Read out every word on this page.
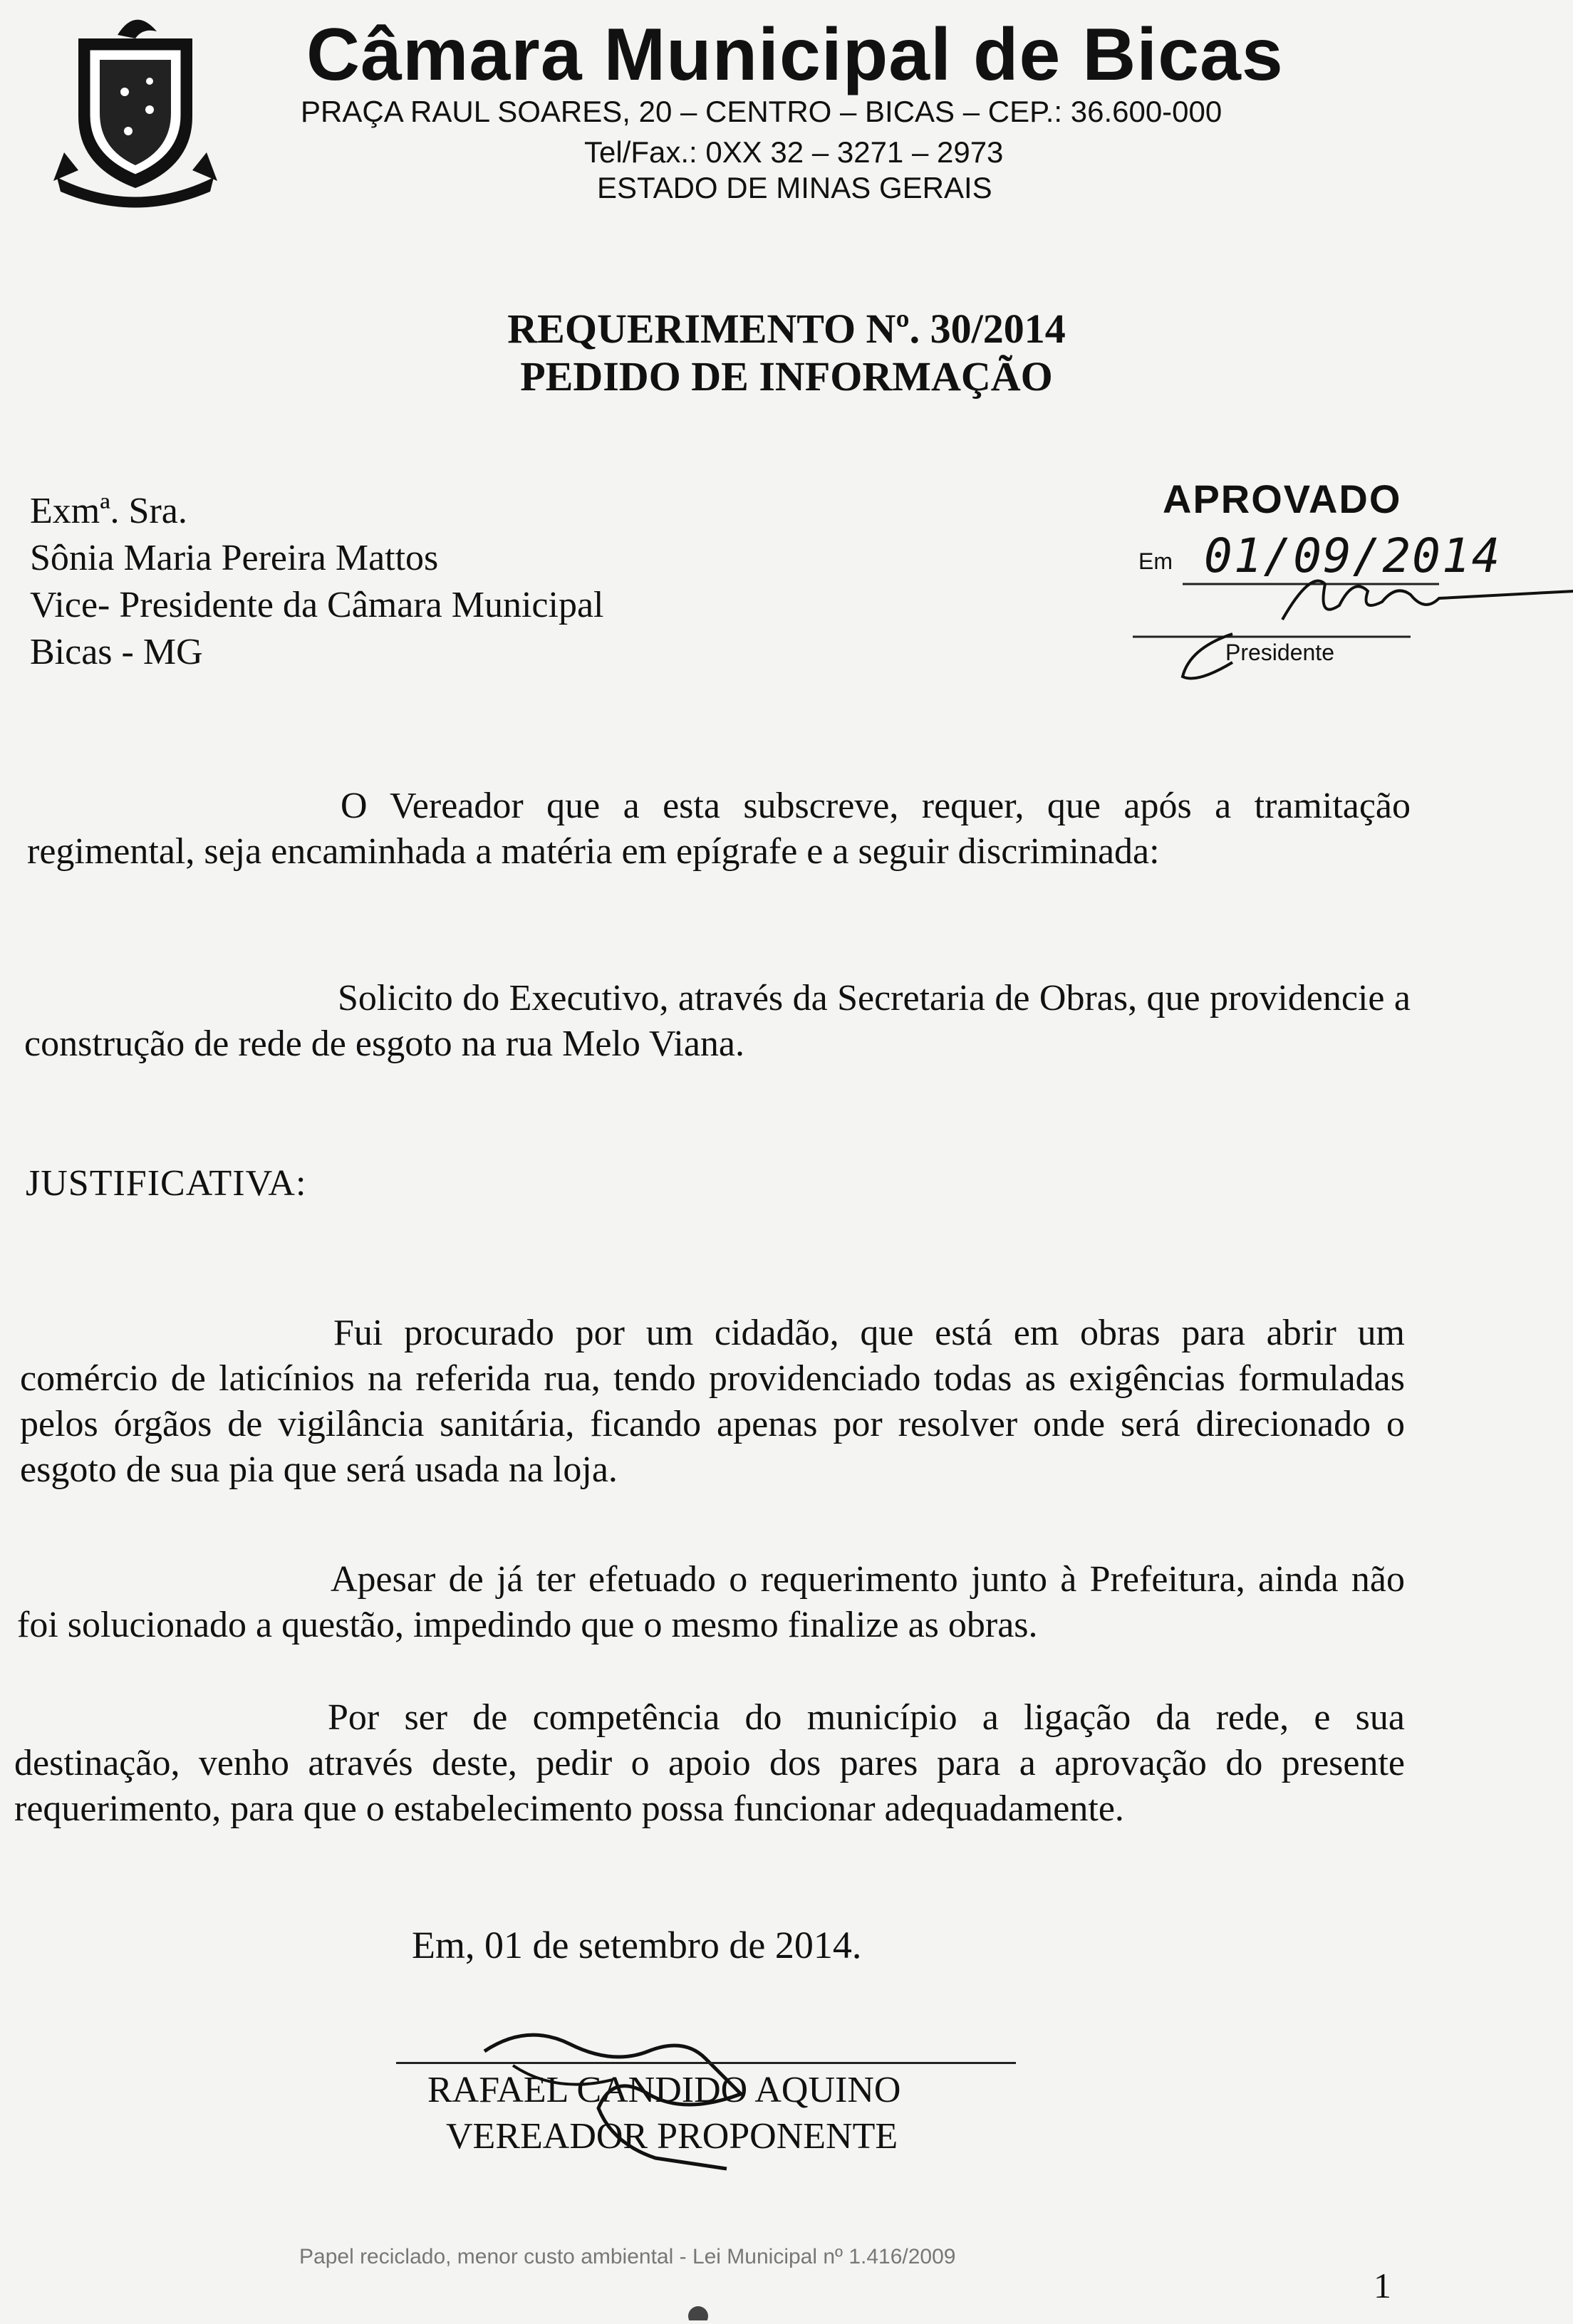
Câmara Municipal de Bicas
PRAÇA RAUL SOARES, 20 – CENTRO – BICAS – CEP.: 36.600-000
Tel/Fax.: 0XX 32 – 3271 – 2973
ESTADO DE MINAS GERAIS
REQUERIMENTO Nº. 30/2014
PEDIDO DE INFORMAÇÃO
Exmª. Sra.
Sônia Maria Pereira Mattos
Vice- Presidente da Câmara Municipal
Bicas - MG
APROVADO
Em 01/09/2014
Presidente
O Vereador que a esta subscreve, requer, que após a tramitação regimental, seja encaminhada a matéria em epígrafe e a seguir discriminada:
Solicito do Executivo, através da Secretaria de Obras, que providencie a construção de rede de esgoto na rua Melo Viana.
JUSTIFICATIVA:
Fui procurado por um cidadão, que está em obras para abrir um comércio de laticínios na referida rua, tendo providenciado todas as exigências formuladas pelos órgãos de vigilância sanitária, ficando apenas por resolver onde será direcionado o esgoto de sua pia que será usada na loja.
Apesar de já ter efetuado o requerimento junto à Prefeitura, ainda não foi solucionado a questão, impedindo que o mesmo finalize as obras.
Por ser de competência do município a ligação da rede, e sua destinação, venho através deste, pedir o apoio dos pares para a aprovação do presente requerimento, para que o estabelecimento possa funcionar adequadamente.
Em, 01 de setembro de 2014.
RAFAEL CANDIDO AQUINO
VEREADOR PROPONENTE
Papel reciclado, menor custo ambiental - Lei Municipal nº 1.416/2009
1
